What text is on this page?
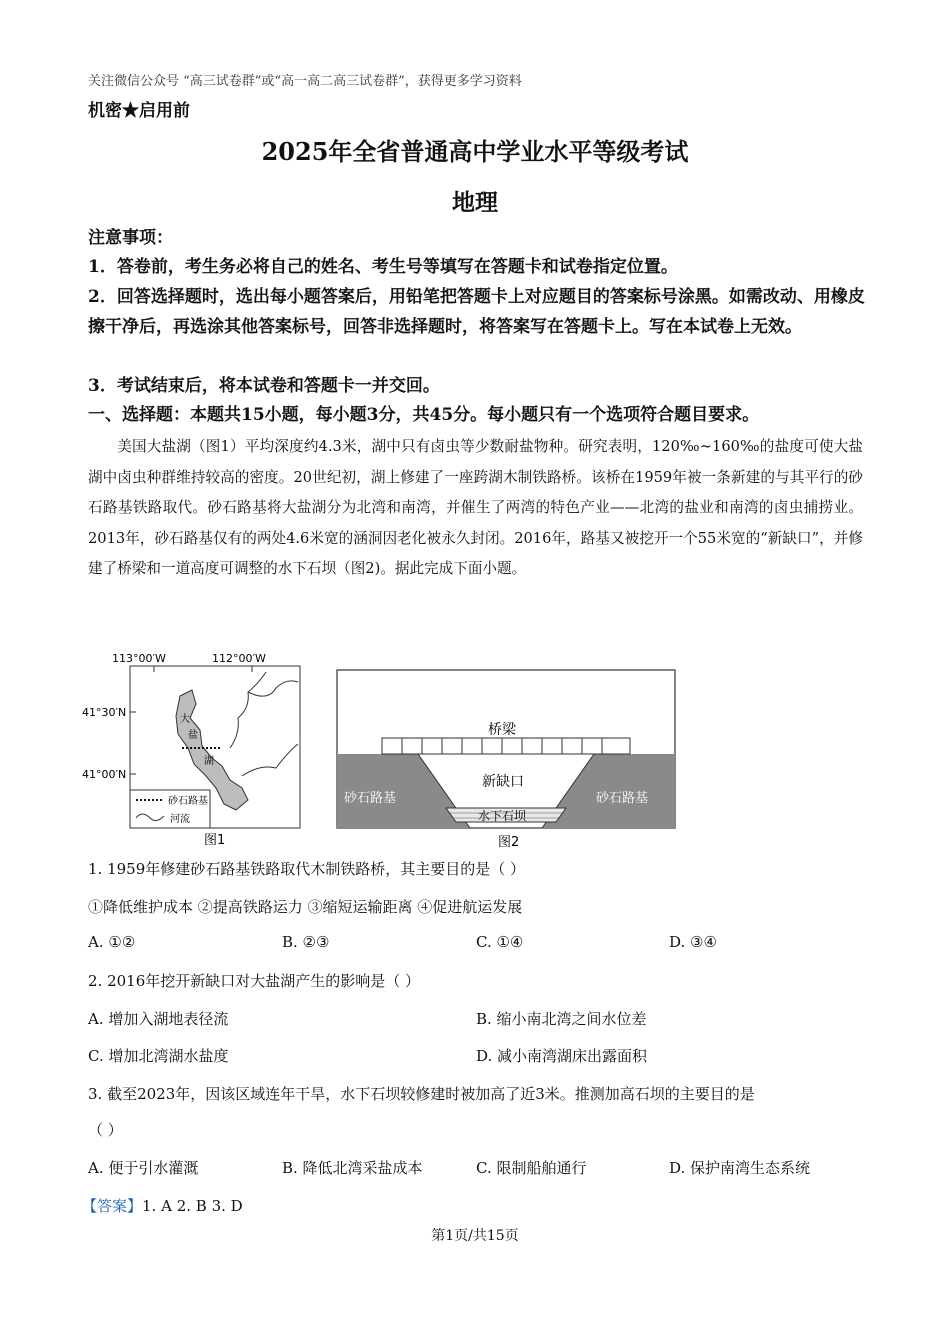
关注微信公众号 “高三试卷群”或“高一高二高三试卷群”，获得更多学习资料
机密★启用前
2025年全省普通高中学业水平等级考试
地理
注意事项：
1．答卷前，考生务必将自己的姓名、考生号等填写在答题卡和试卷指定位置。
2．回答选择题时，选出每小题答案后，用铅笔把答题卡上对应题目的答案标号涂黑。如需改动、用橡皮擦干净后，再选涂其他答案标号，回答非选择题时，将答案写在答题卡上。写在本试卷上无效。
3．考试结束后，将本试卷和答题卡一并交回。
一、选择题：本题共15小题，每小题3分，共45分。每小题只有一个选项符合题目要求。
美国大盐湖（图1）平均深度约4.3米，湖中只有卤虫等少数耐盐物种。研究表明，120‰~160‰的盐度可使大盐湖中卤虫种群维持较高的密度。20世纪初，湖上修建了一座跨湖木制铁路桥。该桥在1959年被一条新建的与其平行的砂石路基铁路取代。砂石路基将大盐湖分为北湾和南湾，并催生了两湾的特色产业——北湾的盐业和南湾的卤虫捕捞业。2013年，砂石路基仅有的两处4.6米宽的涵洞因老化被永久封闭。2016年，路基又被挖开一个55米宽的“新缺口”，并修建了桥梁和一道高度可调整的水下石坝（图2)。据此完成下面小题。
113°00′W	112°00′W
41°30′N
41°00′N
大
盐
湖
砂石路基
河流
图1
桥梁
新缺口
砂石路基	砂石路基
水下石坝
图2
1. 1959年修建砂石路基铁路取代木制铁路桥，其主要目的是（ ）
①降低维护成本 ②提高铁路运力 ③缩短运输距离 ④促进航运发展
A. ①②	B. ②③	C. ①④	D. ③④
2. 2016年挖开新缺口对大盐湖产生的影响是（ ）
A. 增加入湖地表径流	B. 缩小南北湾之间水位差
C. 增加北湾湖水盐度	D. 减小南湾湖床出露面积
3. 截至2023年，因该区域连年干旱，水下石坝较修建时被加高了近3米。推测加高石坝的主要目的是
（ ）
A. 便于引水灌溉	B. 降低北湾采盐成本	C. 限制船舶通行	D. 保护南湾生态系统
【答案】1. A 2. B 3. D
第1页/共15页
